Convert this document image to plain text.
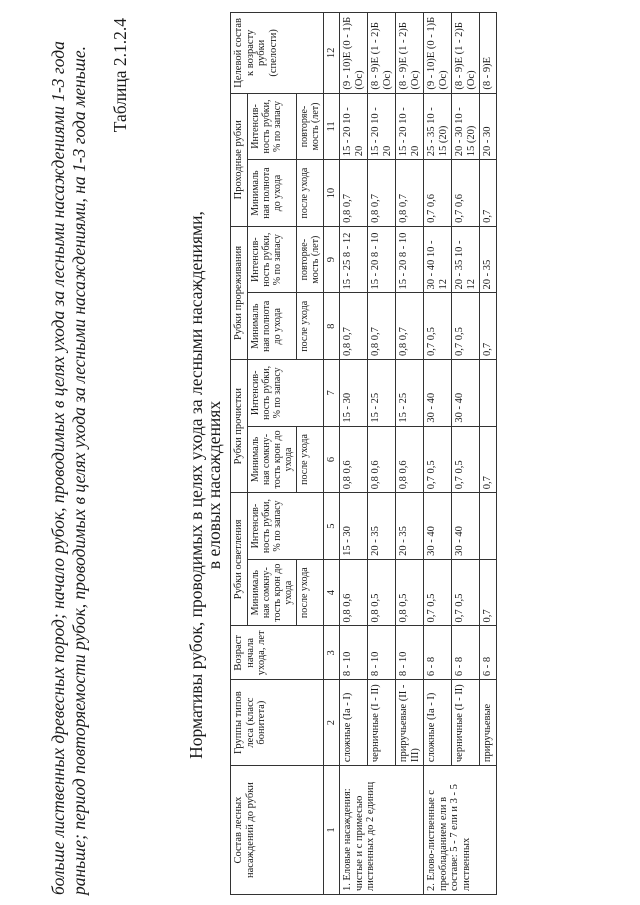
больше лиственных древесных пород; начало рубок, проводимых в целях ухода за лесными насаждениями 1-3 года раньше; период повторяемости рубок, проводимых в целях ухода за лесными насаждениями, на 1-3 года меньше. Таблица 2.1.2.4
Нормативы рубок, проводимых в целях ухода за лесными насаждениями,
в еловых насаждениях
Состав лесных насаждений до рубки	Группы типов леса (класс бонитета)	Возраст начала ухода, лет	Рубки осветления		Рубки прочистки		Рубки прореживания		Проходные рубки		Целевой состав к возрасту рубки (спелости)
			Минималь ная сомкну- тость крон до ухода	Интенсив- ность рубки, % по запасу	Минималь ная сомкну- тость крон до ухода	Интенсив- ность рубки, % по запасу	Минималь ная полнота до ухода	Интенсив- ность рубки, % по запасу	Минималь ная полнота до ухода	Интенсив- ность рубки, % по запасу	
			после ухода		после ухода		после ухода	повторяе- мость (лет)	после ухода	повторяе- мость (лет)	
1	2	3	4	5	6	7	8	9	10	11	12
1. Еловые насаждения: чистые и с примесью лиственных до 2 единиц	сложные (Ia - I)	8 - 10	0,8 0,6	15 - 30	0,8 0,6	15 - 30	0,8 0,7	15 - 25 8 - 12	0,8 0,7	15 - 20 10 - 20	(9 - 10)Е (0 - 1)Б (Ос)
	черничные (I - II)	8 - 10	0,8 0,5	20 - 35	0,8 0,6	15 - 25	0,8 0,7	15 - 20 8 - 10	0,8 0,7	15 - 20 10 - 20	(8 - 9)Е (1 - 2)Б (Ос)
	приручьевые (II - III)	8 - 10	0,8 0,5	20 - 35	0,8 0,6	15 - 25	0,8 0,7	15 - 20 8 - 10	0,8 0,7	15 - 20 10 - 20	(8 - 9)Е (1 - 2)Б (Ос)
2. Елово-лиственные с преобладанием ели в составе: 5 - 7 ели и 3 - 5 лиственных	сложные (Ia - I)	6 - 8	0,7 0,5	30 - 40	0,7 0,5	30 - 40	0,7 0,5	30 - 40 10 - 12	0,7 0,6	25 - 35 10 - 15 (20)	(9 - 10)Е (0 - 1)Б (Ос)
	черничные (I - II)	6 - 8	0,7 0,5	30 - 40	0,7 0,5	30 - 40	0,7 0,5	20 - 35 10 - 12	0,7 0,6	20 - 30 10 - 15 (20)	(8 - 9)Е (1 - 2)Б (Ос)
	приручьевые	6 - 8	0,7		0,7		0,7	20 - 35	0,7	20 - 30	(8 - 9)Е
